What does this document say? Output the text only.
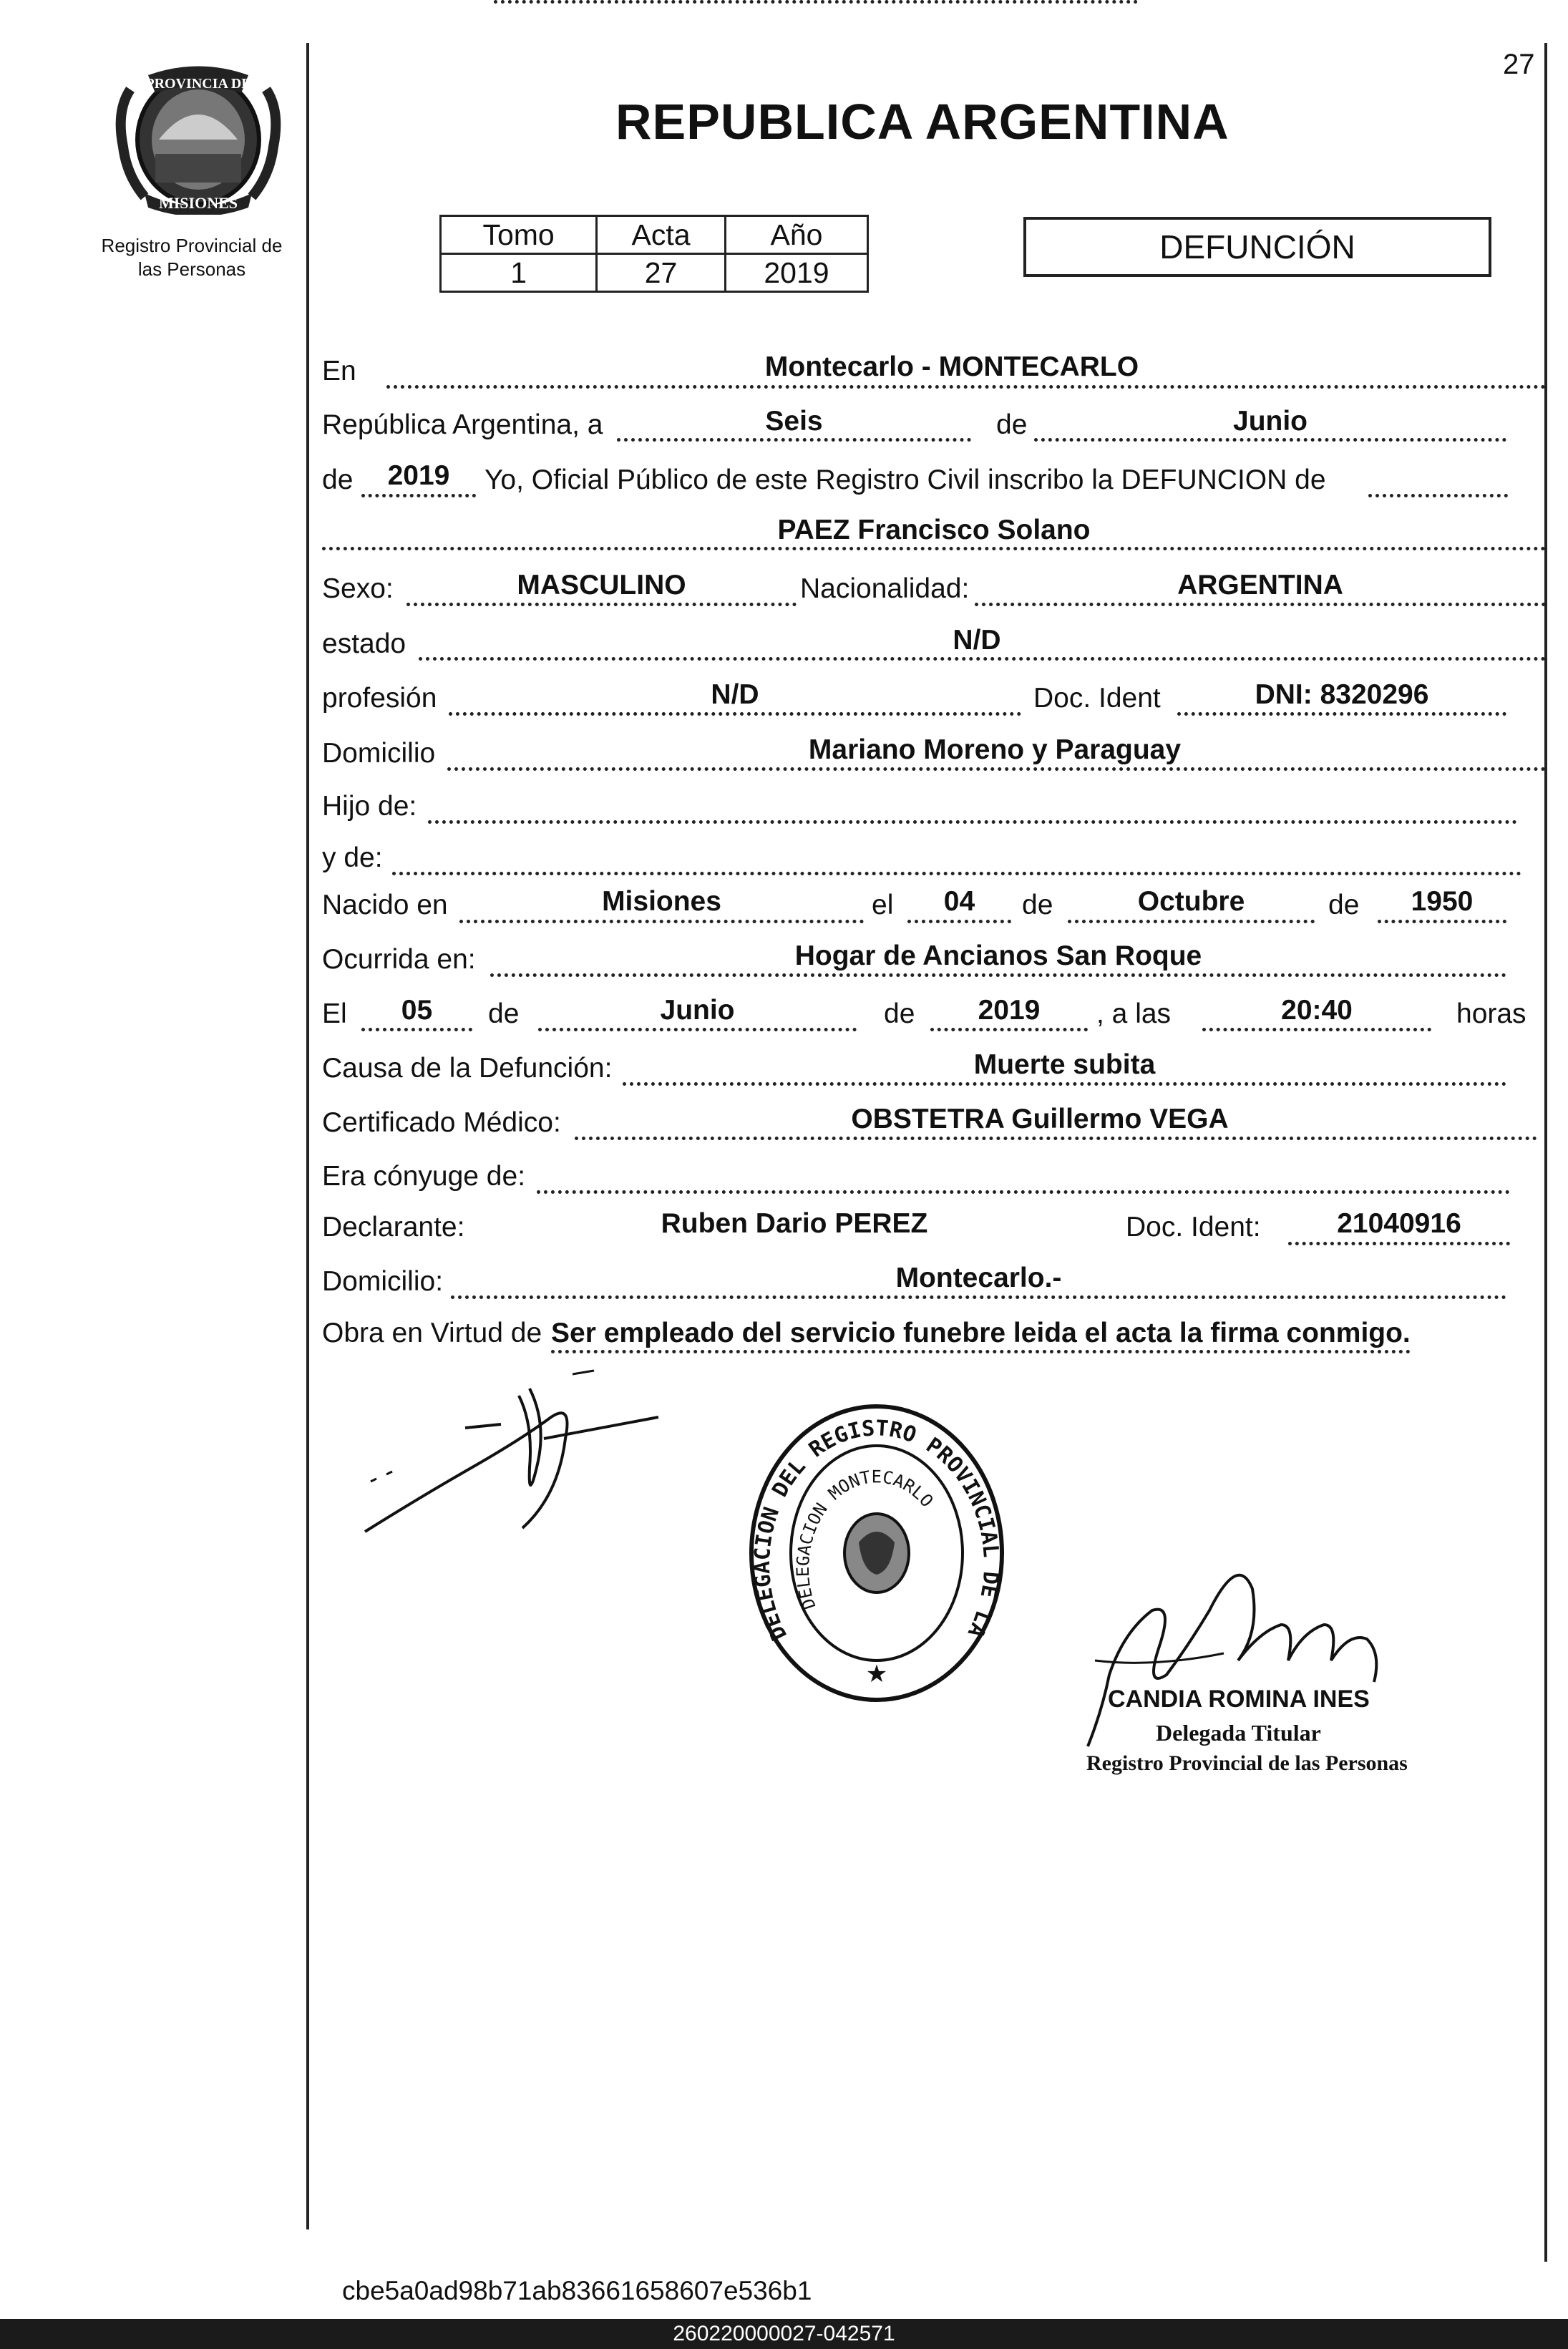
27
PROVINCIA DE
MISIONES
Registro Provincial de
las Personas
REPUBLICA ARGENTINA
Tomo	Acta	Año
1	27	2019
DEFUNCIÓN
En	Montecarlo - MONTECARLO
República Argentina, a	Seis	de	Junio
de	2019	Yo, Oficial Público de este Registro Civil inscribo la DEFUNCION de
PAEZ Francisco Solano
Sexo:	MASCULINO	Nacionalidad:	ARGENTINA
estado	N/D
profesión	N/D	Doc. Ident	DNI: 8320296
Domicilio	Mariano Moreno y Paraguay
Hijo de:
y de:
Nacido en	Misiones	el	04	de	Octubre	de	1950
Ocurrida en:	Hogar de Ancianos San Roque
El	05	de	Junio	de	2019	, a las	20:40	horas
Causa de la Defunción:	Muerte subita
Certificado Médico:	OBSTETRA Guillermo VEGA
Era cónyuge de:
Declarante:	Ruben Dario PEREZ	Doc. Ident:	21040916
Domicilio:	Montecarlo.-
Obra en Virtud de Ser empleado del servicio funebre leida el acta la firma conmigo.
DELEGACION DEL REGISTRO PROVINCIAL DE LA
DELEGACION MONTECARLO
★
CANDIA ROMINA INES
Delegada Titular
Registro Provincial de las Personas
cbe5a0ad98b71ab83661658607e536b1
260220000027-042571
